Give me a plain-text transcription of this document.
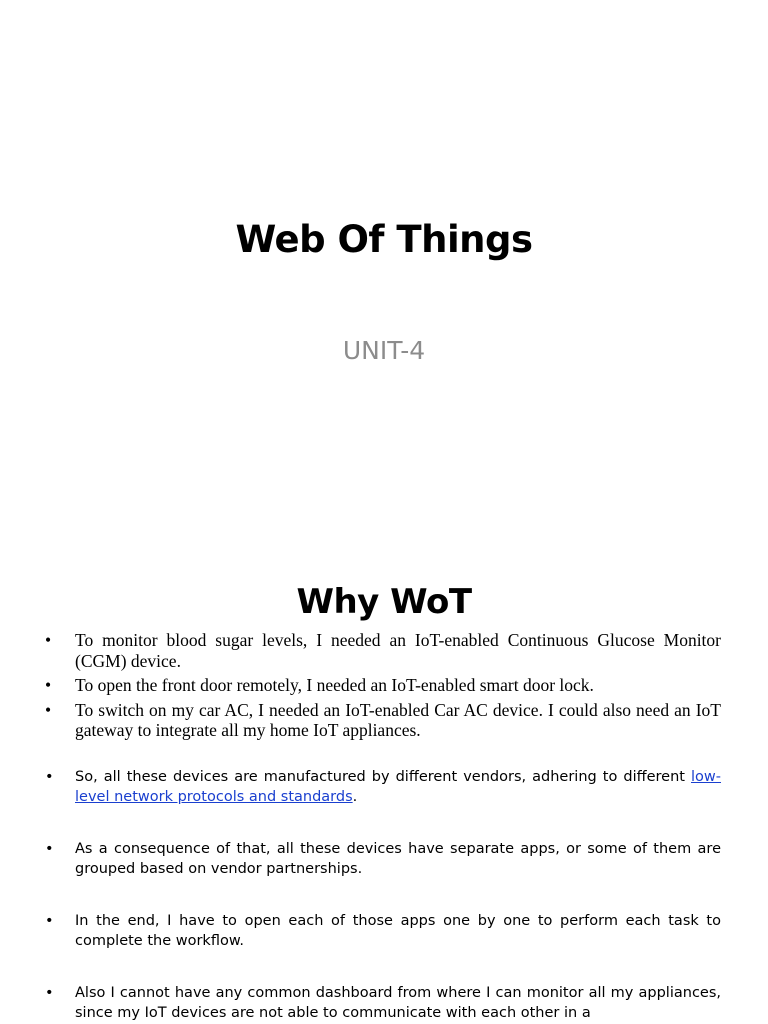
Web Of Things
UNIT-4
Why WoT
• To monitor blood sugar levels, I needed an IoT-enabled Continuous Glucose Monitor (CGM) device.
• To open the front door remotely, I needed an IoT-enabled smart door lock.
• To switch on my car AC, I needed an IoT-enabled Car AC device. I could also need an IoT gateway to integrate all my home IoT appliances.
• So, all these devices are manufactured by different vendors, adhering to different low-level network protocols and standards.
• As a consequence of that, all these devices have separate apps, or some of them are grouped based on vendor partnerships.
• In the end, I have to open each of those apps one by one to perform each task to complete the workflow.
• Also I cannot have any common dashboard from where I can monitor all my appliances, since my IoT devices are not able to communicate with each other in a
